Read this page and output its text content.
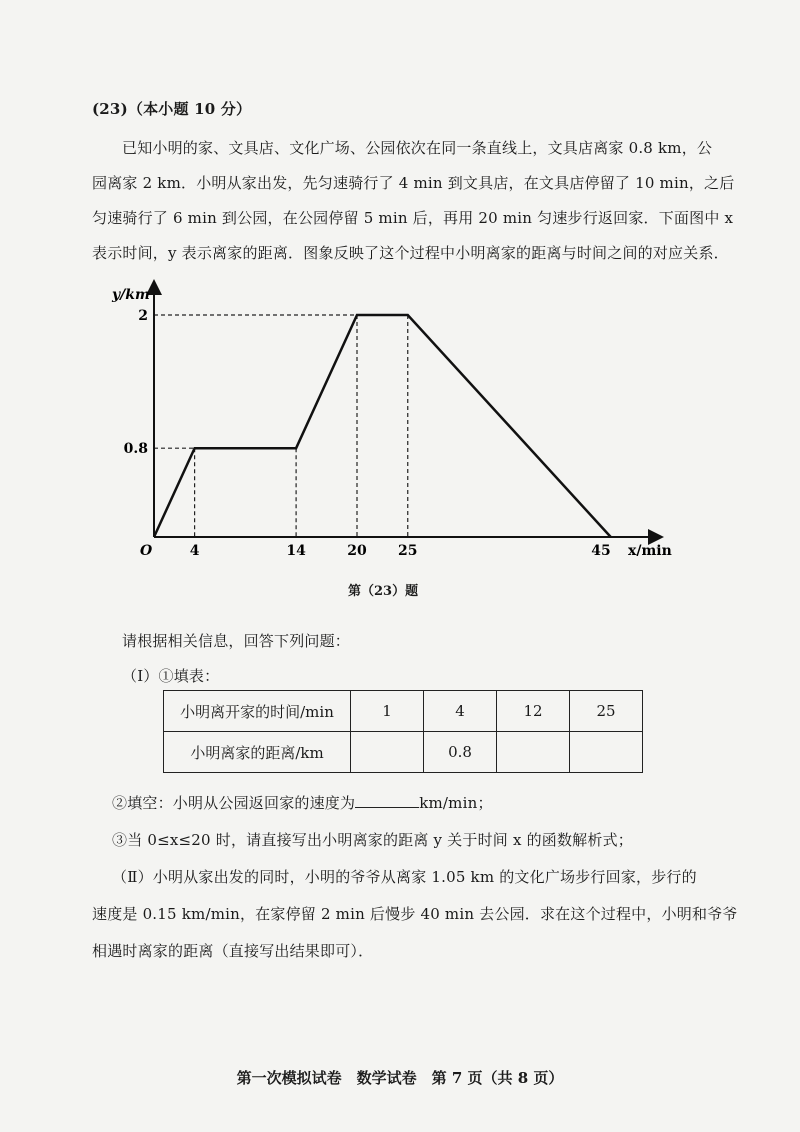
(23)（本小题 10 分）
已知小明的家、文具店、文化广场、公园依次在同一条直线上，文具店离家 0.8 km，公
园离家 2 km．小明从家出发，先匀速骑行了 4 min 到文具店，在文具店停留了 10 min，之后
匀速骑行了 6 min 到公园，在公园停留 5 min 后，再用 20 min 匀速步行返回家．下面图中 x
表示时间，y 表示离家的距离．图象反映了这个过程中小明离家的距离与时间之间的对应关系．
4	14	20 25	45
0.8
2
y/km
x/min
O
第（23）题
请根据相关信息，回答下列问题：
（Ⅰ）①填表：
小明离开家的时间/min	1	4	12	25
小明离家的距离/km		0.8		
②填空：小明从公园返回家的速度为	km/min；
③当 0≤x≤20 时，请直接写出小明离家的距离 y 关于时间 x 的函数解析式；
（Ⅱ）小明从家出发的同时，小明的爷爷从离家 1.05 km 的文化广场步行回家，步行的
速度是 0.15 km/min，在家停留 2 min 后慢步 40 min 去公园．求在这个过程中，小明和爷爷
相遇时离家的距离（直接写出结果即可）．
第一次模拟试卷　数学试卷　第 7 页（共 8 页）
